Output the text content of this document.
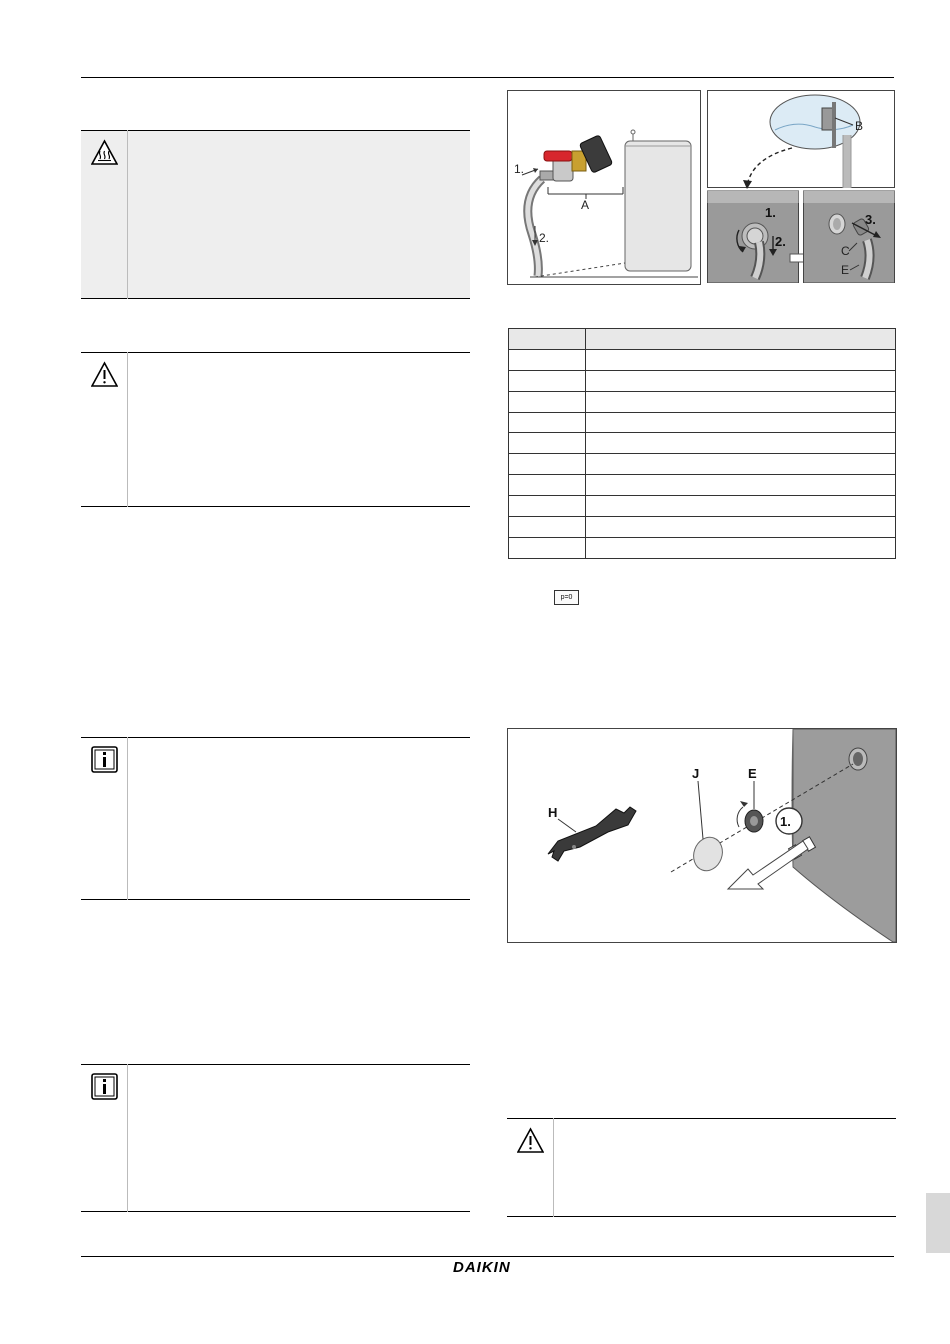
A
1.
2.
B
1.
2.
3.
C
E

p=0
1.
E
J
H
DAIKIN
